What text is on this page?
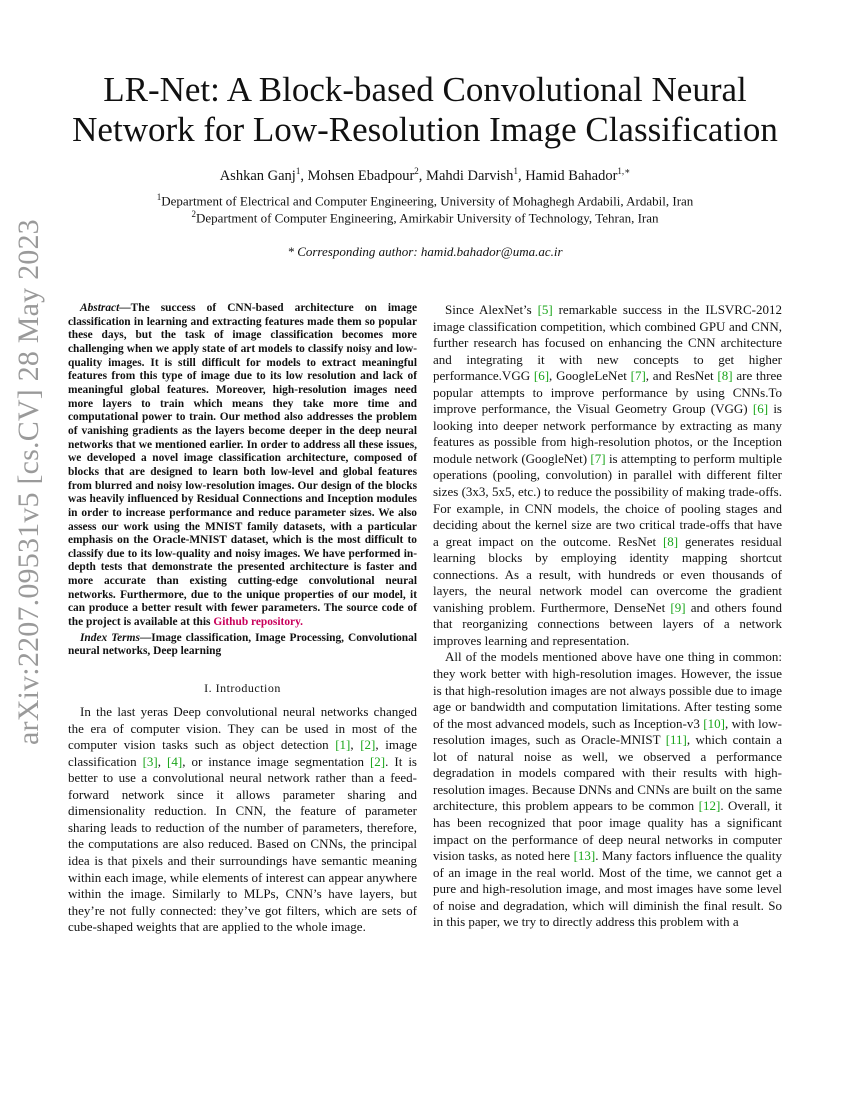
arXiv:2207.09531v5 [cs.CV] 28 May 2023
LR-Net: A Block-based Convolutional Neural
Network for Low-Resolution Image Classification
Ashkan Ganj$^1$, Mohsen Ebadpour$^2$, Mahdi Darvish$^1$, Hamid Bahador$^{1,∗}$
$^1$Department of Electrical and Computer Engineering, University of Mohaghegh Ardabili, Ardabil, Iran
$^2$Department of Computer Engineering, Amirkabir University of Technology, Tehran, Iran
* Corresponding author: hamid.bahador@uma.ac.ir

Abstract—The success of CNN-based architecture on image classification in learning and extracting features made them so popular these days, but the task of image classification becomes more challenging when we apply state of art models to classify noisy and low-quality images. It is still difficult for models to extract meaningful features from this type of image due to its low resolution and lack of meaningful global features. Moreover, high-resolution images need more layers to train which means they take more time and computational power to train. Our method also addresses the problem of vanishing gradients as the layers become deeper in the deep neural networks that we mentioned earlier. In order to address all these issues, we developed a novel image classification architecture, composed of blocks that are designed to learn both low-level and global features from blurred and noisy low-resolution images. Our design of the blocks was heavily influenced by Residual Connections and Inception modules in order to increase performance and reduce parameter sizes. We also assess our work using the MNIST family datasets, with a particular emphasis on the Oracle-MNIST dataset, which is the most difficult to classify due to its low-quality and noisy images. We have performed in-depth tests that demonstrate the presented architecture is faster and more accurate than existing cutting-edge convolutional neural networks. Furthermore, due to the unique properties of our model, it can produce a better result with fewer parameters. The source code of the project is available at this Github repository.

Index Terms—Image classification, Image Processing, Convolutional neural networks, Deep learning

I. Introduction

In the last yeras Deep convolutional neural networks changed the era of computer vision. They can be used in most of the computer vision tasks such as object detection [1], [2], image classification [3], [4], or instance image segmentation [2]. It is better to use a convolutional neural network rather than a feed-forward network since it allows parameter sharing and dimensionality reduction. In CNN, the feature of parameter sharing leads to reduction of the number of parameters, therefore, the computations are also reduced. Based on CNNs, the principal idea is that pixels and their surroundings have semantic meaning within each image, while elements of interest can appear anywhere within the image. Similarly to MLPs, CNN’s have layers, but they’re not fully connected: they’ve got filters, which are sets of cube-shaped weights that are applied to the whole image.

Since AlexNet’s [5] remarkable success in the ILSVRC-2012 image classification competition, which combined GPU and CNN, further research has focused on enhancing the CNN architecture and integrating it with new concepts to get higher performance.VGG [6], GoogleLeNet [7], and ResNet [8] are three popular attempts to improve performance by using CNNs.To improve performance, the Visual Geometry Group (VGG) [6] is looking into deeper network performance by extracting as many features as possible from high-resolution photos, or the Inception module network (GoogleNet) [7] is attempting to perform multiple operations (pooling, convolution) in parallel with different filter sizes (3x3, 5x5, etc.) to reduce the possibility of making trade-offs. For example, in CNN models, the choice of pooling stages and deciding about the kernel size are two critical trade-offs that have a great impact on the outcome. ResNet [8] generates residual learning blocks by employing identity mapping shortcut connections. As a result, with hundreds or even thousands of layers, the neural network model can overcome the gradient vanishing problem. Furthermore, DenseNet [9] and others found that reorganizing connections between layers of a network improves learning and representation.

All of the models mentioned above have one thing in common: they work better with high-resolution images. However, the issue is that high-resolution images are not always possible due to image age or bandwidth and computation limitations. After testing some of the most advanced models, such as Inception-v3 [10], with low-resolution images, such as Oracle-MNIST [11], which contain a lot of natural noise as well, we observed a performance degradation in models compared with their results with high-resolution images. Because DNNs and CNNs are built on the same architecture, this problem appears to be common [12]. Overall, it has been recognized that poor image quality has a significant impact on the performance of deep neural networks in computer vision tasks, as noted here [13]. Many factors influence the quality of an image in the real world. Most of the time, we cannot get a pure and high-resolution image, and most images have some level of noise and degradation, which will diminish the final result. So in this paper, we try to directly address this problem with a
